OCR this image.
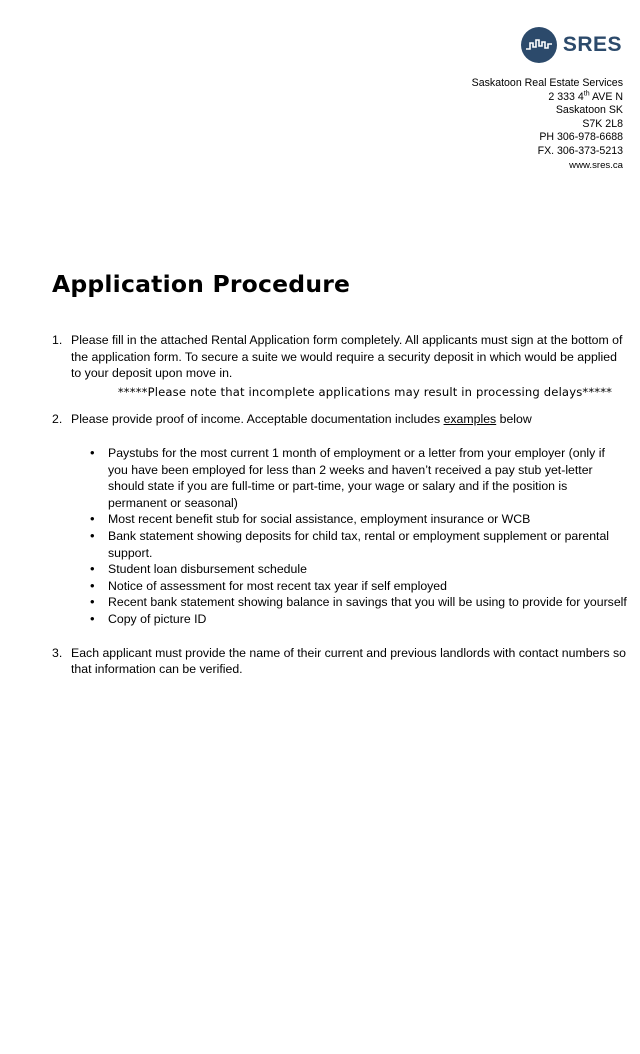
SRES
Saskatoon Real Estate Services
2 333 4th AVE N
Saskatoon SK
S7K 2L8
PH 306-978-6688
FX. 306-373-5213
www.sres.ca
Application Procedure
1. Please fill in the attached Rental Application form completely. All applicants must sign at the bottom of the application form. To secure a suite we would require a security deposit in which would be applied to your deposit upon move in.
*****Please note that incomplete applications may result in processing delays*****
2. Please provide proof of income. Acceptable documentation includes examples below
•
Paystubs for the most current 1 month of employment or a letter from your employer (only if you have been employed for less than 2 weeks and haven’t received a pay stub yet-letter should state if you are full-time or part-time, your wage or salary and if the position is permanent or seasonal)
•
Most recent benefit stub for social assistance, employment insurance or WCB
•
Bank statement showing deposits for child tax, rental or employment supplement or parental support.
•
Student loan disbursement schedule
•
Notice of assessment for most recent tax year if self employed
•
Recent bank statement showing balance in savings that you will be using to provide for yourself
•
Copy of picture ID
3. Each applicant must provide the name of their current and previous landlords with contact numbers so that information can be verified.
